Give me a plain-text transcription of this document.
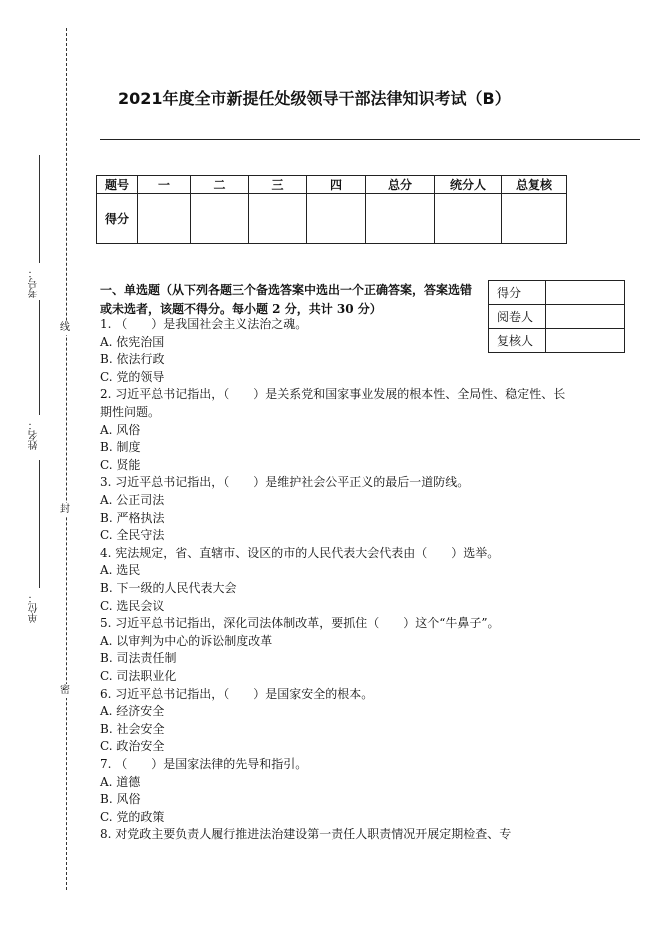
线
封
密
考号：
姓名：
单位：
2021年度全市新提任处级领导干部法律知识考试（B）
题号	一	二	三	四	总分	统分人	总复核
得分							
得分	
阅卷人	
复核人	
一、单选题（从下列各题三个备选答案中选出一个正确答案，答案选错或未选者，该题不得分。每小题 2 分，共计 30 分）
1. （　　）是我国社会主义法治之魂。
A. 依宪治国
B. 依法行政
C. 党的领导
2. 习近平总书记指出，（　　）是关系党和国家事业发展的根本性、全局性、稳定性、长期性问题。
A. 风俗
B. 制度
C. 贤能
3. 习近平总书记指出，（　　）是维护社会公平正义的最后一道防线。
A. 公正司法
B. 严格执法
C. 全民守法
4. 宪法规定，省、直辖市、设区的市的人民代表大会代表由（　　）选举。
A. 选民
B. 下一级的人民代表大会
C. 选民会议
5. 习近平总书记指出，深化司法体制改革，要抓住（　　）这个“牛鼻子”。
A. 以审判为中心的诉讼制度改革
B. 司法责任制
C. 司法职业化
6. 习近平总书记指出，（　　）是国家安全的根本。
A. 经济安全
B. 社会安全
C. 政治安全
7. （　　）是国家法律的先导和指引。
A. 道德
B. 风俗
C. 党的政策
8. 对党政主要负责人履行推进法治建设第一责任人职责情况开展定期检查、专
